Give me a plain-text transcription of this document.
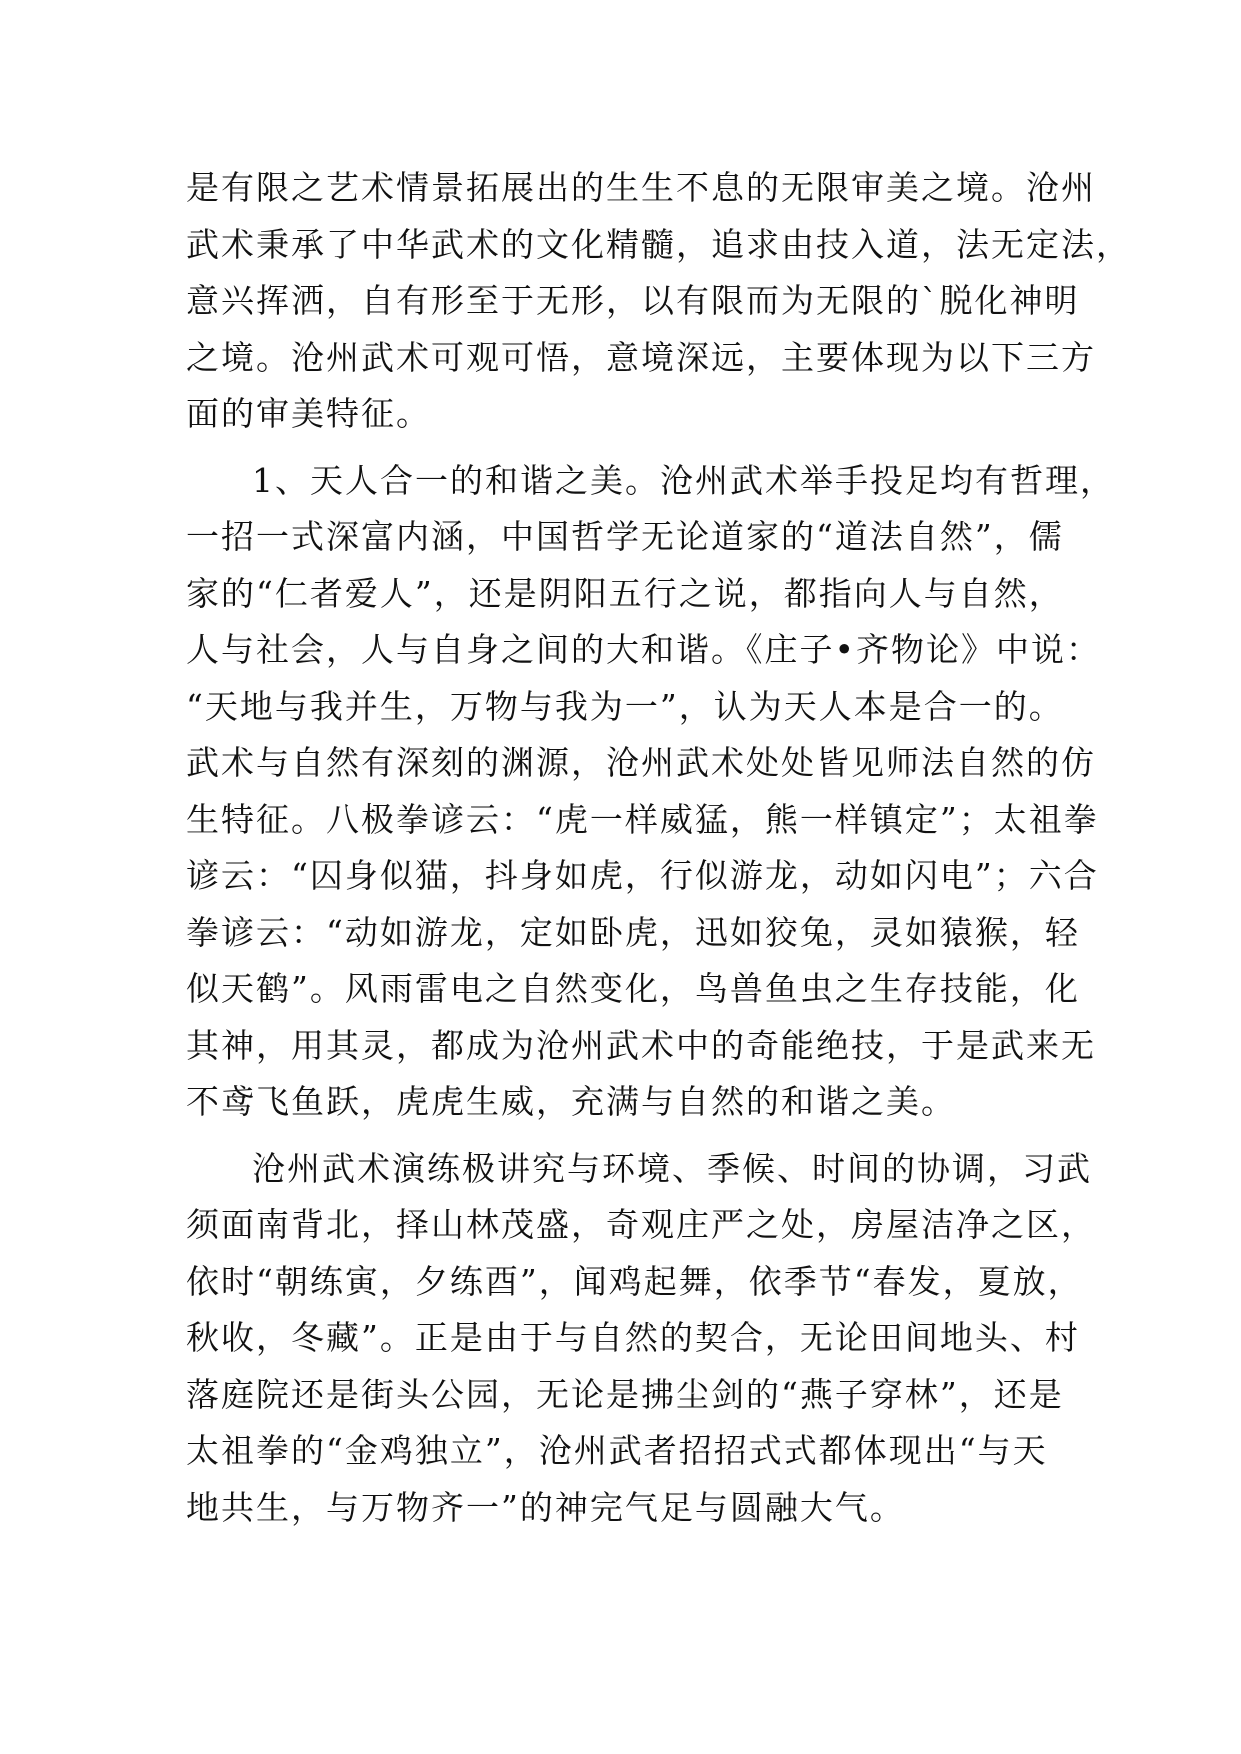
是有限之艺术情景拓展出的生生不息的无限审美之境。沧州
武术秉承了中华武术的文化精髓，追求由技入道，法无定法，
意兴挥洒，自有形至于无形，以有限而为无限的`脱化神明
之境。沧州武术可观可悟，意境深远，主要体现为以下三方
面的审美特征。
1、天人合一的和谐之美。沧州武术举手投足均有哲理，
一招一式深富内涵，中国哲学无论道家的“道法自然”，儒
家的“仁者爱人”，还是阴阳五行之说，都指向人与自然，
人与社会，人与自身之间的大和谐。《庄子•齐物论》中说：
“天地与我并生，万物与我为一”，认为天人本是合一的。
武术与自然有深刻的渊源，沧州武术处处皆见师法自然的仿
生特征。八极拳谚云：“虎一样威猛，熊一样镇定”；太祖拳
谚云：“囚身似猫，抖身如虎，行似游龙，动如闪电”；六合
拳谚云：“动如游龙，定如卧虎，迅如狡兔，灵如猿猴，轻
似天鹤”。风雨雷电之自然变化，鸟兽鱼虫之生存技能，化
其神，用其灵，都成为沧州武术中的奇能绝技，于是武来无
不鸢飞鱼跃，虎虎生威，充满与自然的和谐之美。
沧州武术演练极讲究与环境、季候、时间的协调，习武
须面南背北，择山林茂盛，奇观庄严之处，房屋洁净之区，
依时“朝练寅，夕练酉”，闻鸡起舞，依季节“春发，夏放，
秋收，冬藏”。正是由于与自然的契合，无论田间地头、村
落庭院还是街头公园，无论是拂尘剑的“燕子穿林”，还是
太祖拳的“金鸡独立”，沧州武者招招式式都体现出“与天
地共生，与万物齐一”的神完气足与圆融大气。
